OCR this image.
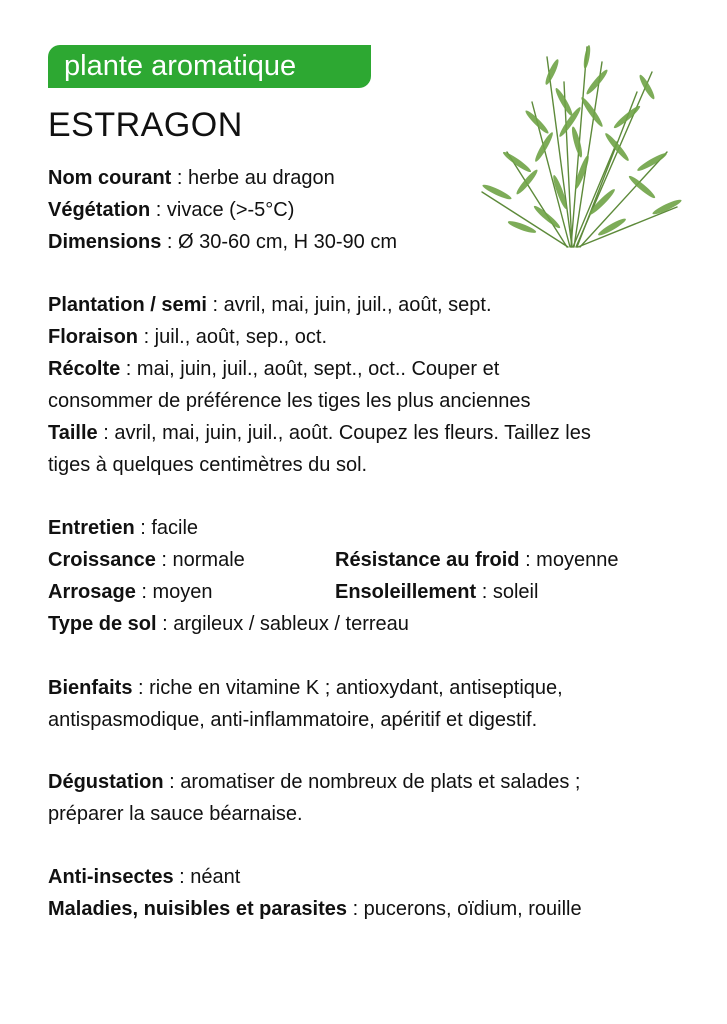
plante aromatique
ESTRAGON
Nom courant : herbe au dragon
Végétation : vivace (>-5°C)
Dimensions : Ø 30-60 cm, H 30-90 cm
Plantation / semi : avril, mai, juin, juil., août, sept.
Floraison : juil., août, sep., oct.
Récolte : mai, juin, juil., août, sept., oct.. Couper et
consommer de préférence les tiges les plus anciennes
Taille : avril, mai, juin, juil., août. Coupez les fleurs. Taillez les
tiges à quelques centimètres du sol.
Entretien : facile
Croissance : normale	Résistance au froid : moyenne
Arrosage : moyen	Ensoleillement : soleil
Type de sol : argileux / sableux / terreau
Bienfaits : riche en vitamine K ; antioxydant, antiseptique,
antispasmodique, anti-inflammatoire, apéritif et digestif.
Dégustation : aromatiser de nombreux de plats et salades ;
préparer la sauce béarnaise.
Anti-insectes : néant
Maladies, nuisibles et parasites : pucerons, oïdium, rouille
